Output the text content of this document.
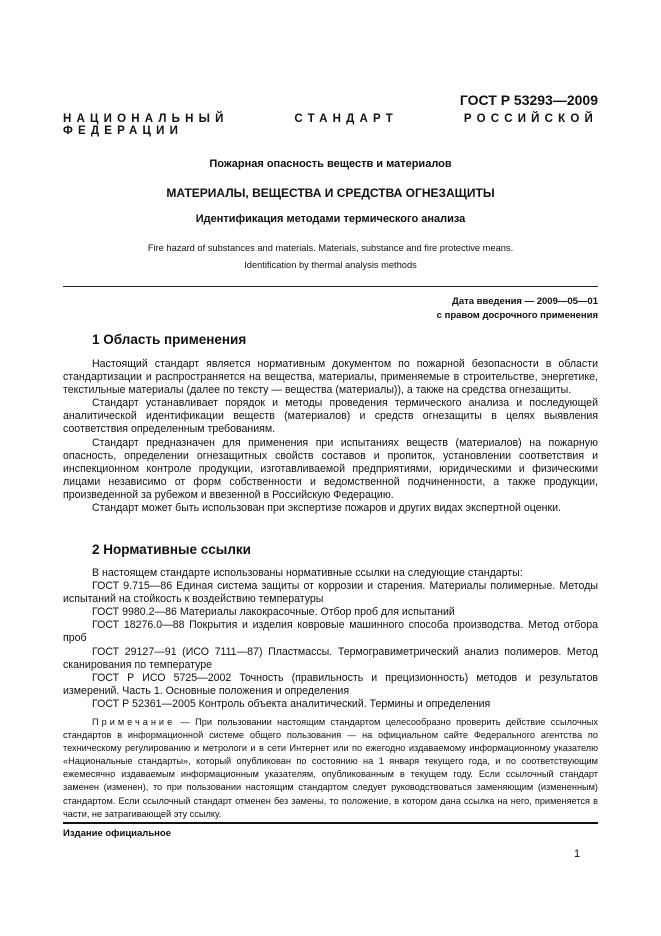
ГОСТ Р 53293—2009
НАЦИОНАЛЬНЫЙ СТАНДАРТ РОССИЙСКОЙ ФЕДЕРАЦИИ
Пожарная опасность веществ и материалов
МАТЕРИАЛЫ, ВЕЩЕСТВА И СРЕДСТВА ОГНЕЗАЩИТЫ
Идентификация методами термического анализа
Fire hazard of substances and materials. Materials, substance and fire protective means.
Identification by thermal analysis methods
Дата введения — 2009—05—01
с правом досрочного применения
1 Область применения

Настоящий стандарт является нормативным документом по пожарной безопасности в области стандартизации и распространяется на вещества, материалы, применяемые в строительстве, энергетике, текстильные материалы (далее по тексту — вещества (материалы)), а также на средства огнезащиты.

Стандарт устанавливает порядок и методы проведения термического анализа и последующей аналитической идентификации веществ (материалов) и средств огнезащиты в целях выявления соответствия определенным требованиям.

Стандарт предназначен для применения при испытаниях веществ (материалов) на пожарную опасность, определении огнезащитных свойств составов и пропиток, установлении соответствия и инспекционном контроле продукции, изготавливаемой предприятиями, юридическими и физическими лицами независимо от форм собственности и ведомственной подчиненности, а также продукции, произведенной за рубежом и ввезенной в Российскую Федерацию.

Стандарт может быть использован при экспертизе пожаров и других видах экспертной оценки.

2 Нормативные ссылки

В настоящем стандарте использованы нормативные ссылки на следующие стандарты:

ГОСТ 9.715—86 Единая система защиты от коррозии и старения. Материалы полимерные. Методы испытаний на стойкость к воздействию температуры

ГОСТ 9980.2—86 Материалы лакокрасочные. Отбор проб для испытаний

ГОСТ 18276.0—88 Покрытия и изделия ковровые машинного способа производства. Метод отбора проб

ГОСТ 29127—91 (ИСО 7111—87) Пластмассы. Термогравиметрический анализ полимеров. Метод сканирования по температуре

ГОСТ Р ИСО 5725—2002 Точность (правильность и прецизионность) методов и результатов измерений. Часть 1. Основные положения и определения

ГОСТ Р 52361—2005 Контроль объекта аналитический. Термины и определения

Примечание — При пользовании настоящим стандартом целесообразно проверить действие ссылочных стандартов в информационной системе общего пользования — на официальном сайте Федерального агентства по техническому регулированию и метрологи и в сети Интернет или по ежегодно издаваемому информационному указателю «Национальные стандарты», который опубликован по состоянию на 1 января текущего года, и по соответствующим ежемесячно издаваемым информационным указателям, опубликованным в текущем году. Если ссылочный стандарт заменен (изменен), то при пользовании настоящим стандартом следует руководствоваться заменяющим (измененным) стандартом. Если ссылочный стандарт отменен без замены, то положение, в котором дана ссылка на него, применяется в части, не затрагивающей эту ссылку.

Издание официальное
1
